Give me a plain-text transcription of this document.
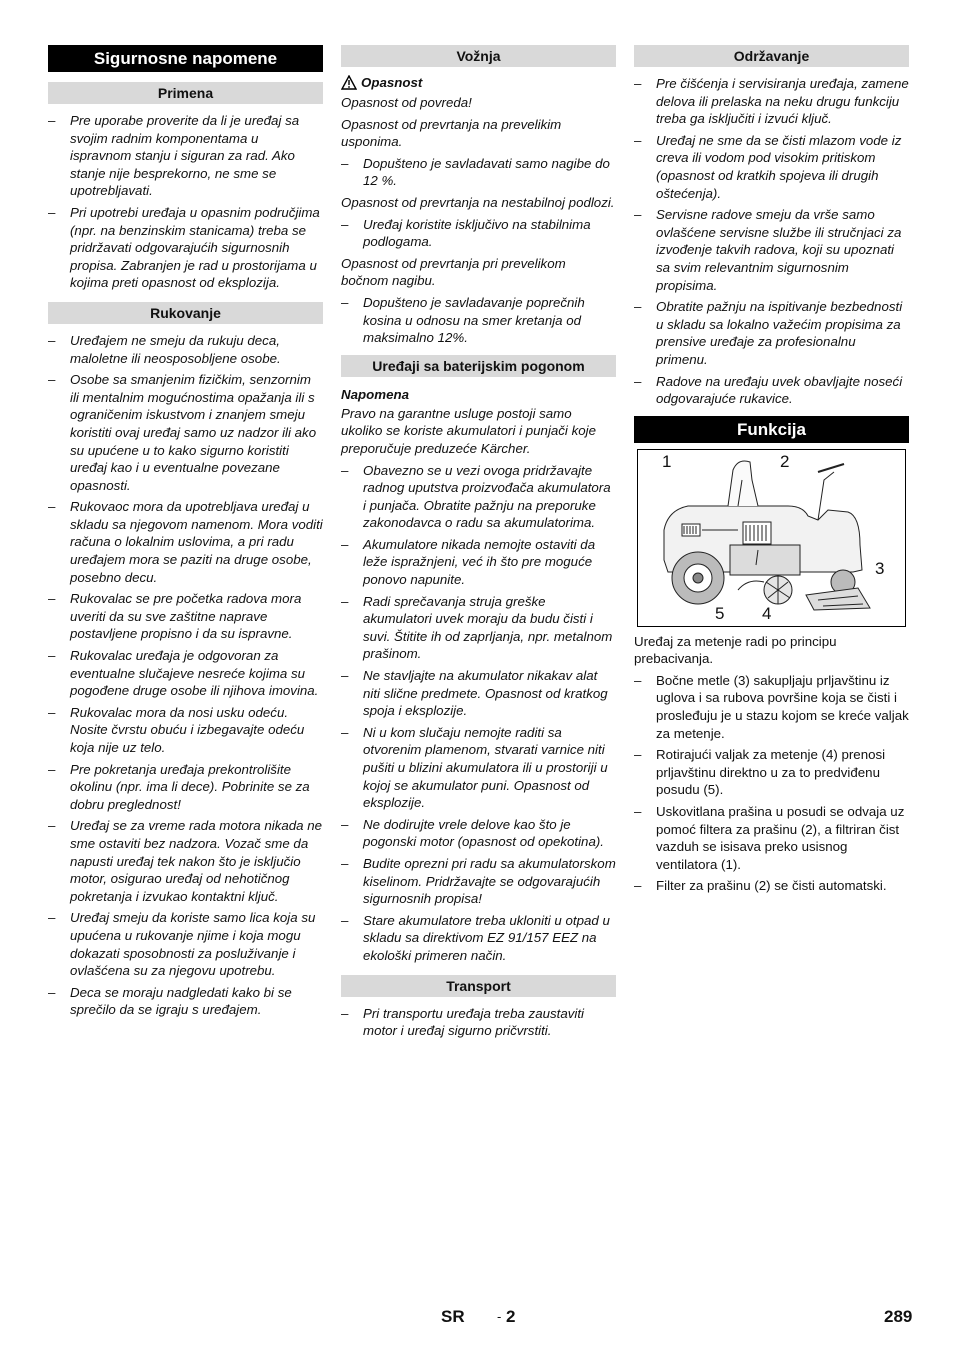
Sigurnosne napomene
Primena
– Pre uporabe proverite da li je uređaj sa svojim radnim komponentama u ispravnom stanju i siguran za rad. Ako stanje nije besprekorno, ne sme se upotrebljavati.
– Pri upotrebi uređaja u opasnim područjima (npr. na benzinskim stanicama) treba se pridržavati odgovarajućih sigurnosnih propisa. Zabranjen je rad u prostorijama u kojima preti opasnost od eksplozija.
Rukovanje
– Uređajem ne smeju da rukuju deca, maloletne ili neosposobljene osobe.
– Osobe sa smanjenim fizičkim, senzornim ili mentalnim mogućnostima opažanja ili s ograničenim iskustvom i znanjem smeju koristiti ovaj uređaj samo uz nadzor ili ako su upućene u to kako sigurno koristiti uređaj kao i u eventualne povezane opasnosti.
– Rukovaoc mora da upotrebljava uređaj u skladu sa njegovom namenom. Mora voditi računa o lokalnim uslovima, a pri radu uređajem mora se paziti na druge osobe, posebno decu.
– Rukovalac se pre početka radova mora uveriti da su sve zaštitne naprave postavljene propisno i da su ispravne.
– Rukovalac uređaja je odgovoran za eventualne slučajeve nesreće kojima su pogođene druge osobe ili njihova imovina.
– Rukovalac mora da nosi usku odeću. Nosite čvrstu obuću i izbegavajte odeću koja nije uz telo.
– Pre pokretanja uređaja prekontrolišite okolinu (npr. ima li dece). Pobrinite se za dobru preglednost!
– Uređaj se za vreme rada motora nikada ne sme ostaviti bez nadzora. Vozač sme da napusti uređaj tek nakon što je isključio motor, osigurao uređaj od nehotičnog pokretanja i izvukao kontaktni ključ.
– Uređaj smeju da koriste samo lica koja su upućena u rukovanje njime i koja mogu dokazati sposobnosti za posluživanje i ovlašćena su za njegovu upotrebu.
– Deca se moraju nadgledati kako bi se sprečilo da se igraju s uređajem.
Vožnja
Opasnost

Opasnost od povreda!

Opasnost od prevrtanja na prevelikim usponima.

– Dopušteno je savladavati samo nagibe do 12 %.

Opasnost od prevrtanja na nestabilnoj podlozi.

– Uređaj koristite isključivo na stabilnima podlogama.

Opasnost od prevrtanja pri prevelikom bočnom nagibu.

– Dopušteno je savladavanje poprečnih kosina u odnosu na smer kretanja od maksimalno 12%.
Uređaji sa baterijskim pogonom
Napomena

Pravo na garantne usluge postoji samo ukoliko se koriste akumulatori i punjači koje preporučuje preduzeće Kärcher.

– Obavezno se u vezi ovoga pridržavajte radnog uputstva proizvođača akumulatora i punjača. Obratite pažnju na preporuke zakonodavca o radu sa akumulatorima.
– Akumulatore nikada nemojte ostaviti da leže ispražnjeni, već ih što pre moguće ponovo napunite.
– Radi sprečavanja struja greške akumulatori uvek moraju da budu čisti i suvi. Štitite ih od zaprljanja, npr. metalnom prašinom.
– Ne stavljajte na akumulator nikakav alat niti slične predmete. Opasnost od kratkog spoja i eksplozije.
– Ni u kom slučaju nemojte raditi sa otvorenim plamenom, stvarati varnice niti pušiti u blizini akumulatora ili u prostoriji u kojoj se akumulator puni. Opasnost od eksplozije.
– Ne dodirujte vrele delove kao što je pogonski motor (opasnost od opekotina).
– Budite oprezni pri radu sa akumulatorskom kiselinom. Pridržavajte se odgovarajućih sigurnosnih propisa!
– Stare akumulatore treba ukloniti u otpad u skladu sa direktivom EZ 91/157 EEZ na ekološki primeren način.
Transport
– Pri transportu uređaja treba zaustaviti motor i uređaj sigurno pričvrstiti.
Održavanje
– Pre čišćenja i servisiranja uređaja, zamene delova ili prelaska na neku drugu funkciju treba ga isključiti i izvući ključ.
– Uređaj ne sme da se čisti mlazom vode iz creva ili vodom pod visokim pritiskom (opasnost od kratkih spojeva ili drugih oštećenja).
– Servisne radove smeju da vrše samo ovlašćene servisne službe ili stručnjaci za izvođenje takvih radova, koji su upoznati sa svim relevantnim sigurnosnim propisima.
– Obratite pažnju na ispitivanje bezbednosti u skladu sa lokalno važećim propisima za prensive uređaje za profesionalnu primenu.
– Radove na uređaju uvek obavljajte noseći odgovarajuće rukavice.
Funkcija
1	2
3
4
5

Uređaj za metenje radi po principu prebacivanja.

– Bočne metle (3) sakupljaju prljavštinu iz uglova i sa rubova površine koja se čisti i prosleđuju je u stazu kojom se kreće valjak za metenje.
– Rotirajući valjak za metenje (4) prenosi prljavštinu direktno u za to predviđenu posudu (5).
– Uskovitlana prašina u posudi se odvaja uz pomoć filtera za prašinu (2), a filtriran čist vazduh se isisava preko usisnog ventilatora (1).
– Filter za prašinu (2) se čisti automatski.
SR - 2	289
